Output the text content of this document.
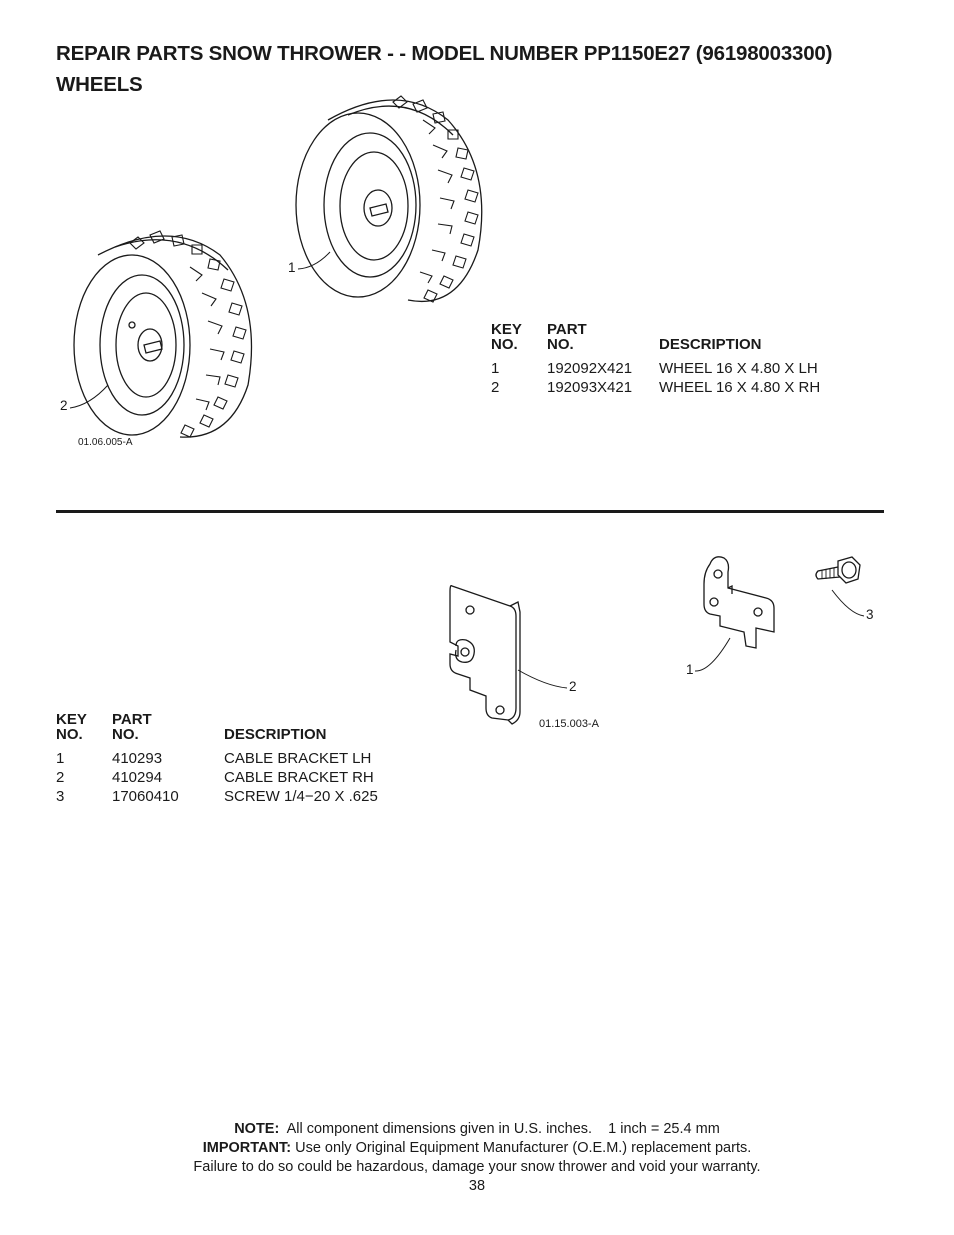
REPAIR PARTS SNOW THROWER - - MODEL NUMBER PP1150E27 (96198003300)
WHEELS
1
2
01.06.005-A
KEY
NO.	PART
NO.	DESCRIPTION
1	192092X421	WHEEL 16 X 4.80 X LH
2	192093X421	WHEEL 16 X 4.80 X RH
1
2
3
01.15.003-A
KEY
NO.	PART
NO.	DESCRIPTION
1	410293	CABLE BRACKET LH
2	410294	CABLE BRACKET RH
3	17060410	SCREW 1/4−20 X .625
NOTE:  All component dimensions given in U.S. inches.    1 inch = 25.4 mm
IMPORTANT: Use only Original Equipment Manufacturer (O.E.M.) replacement parts.
Failure to do so could be hazardous, damage your snow thrower and void your warranty.
38
